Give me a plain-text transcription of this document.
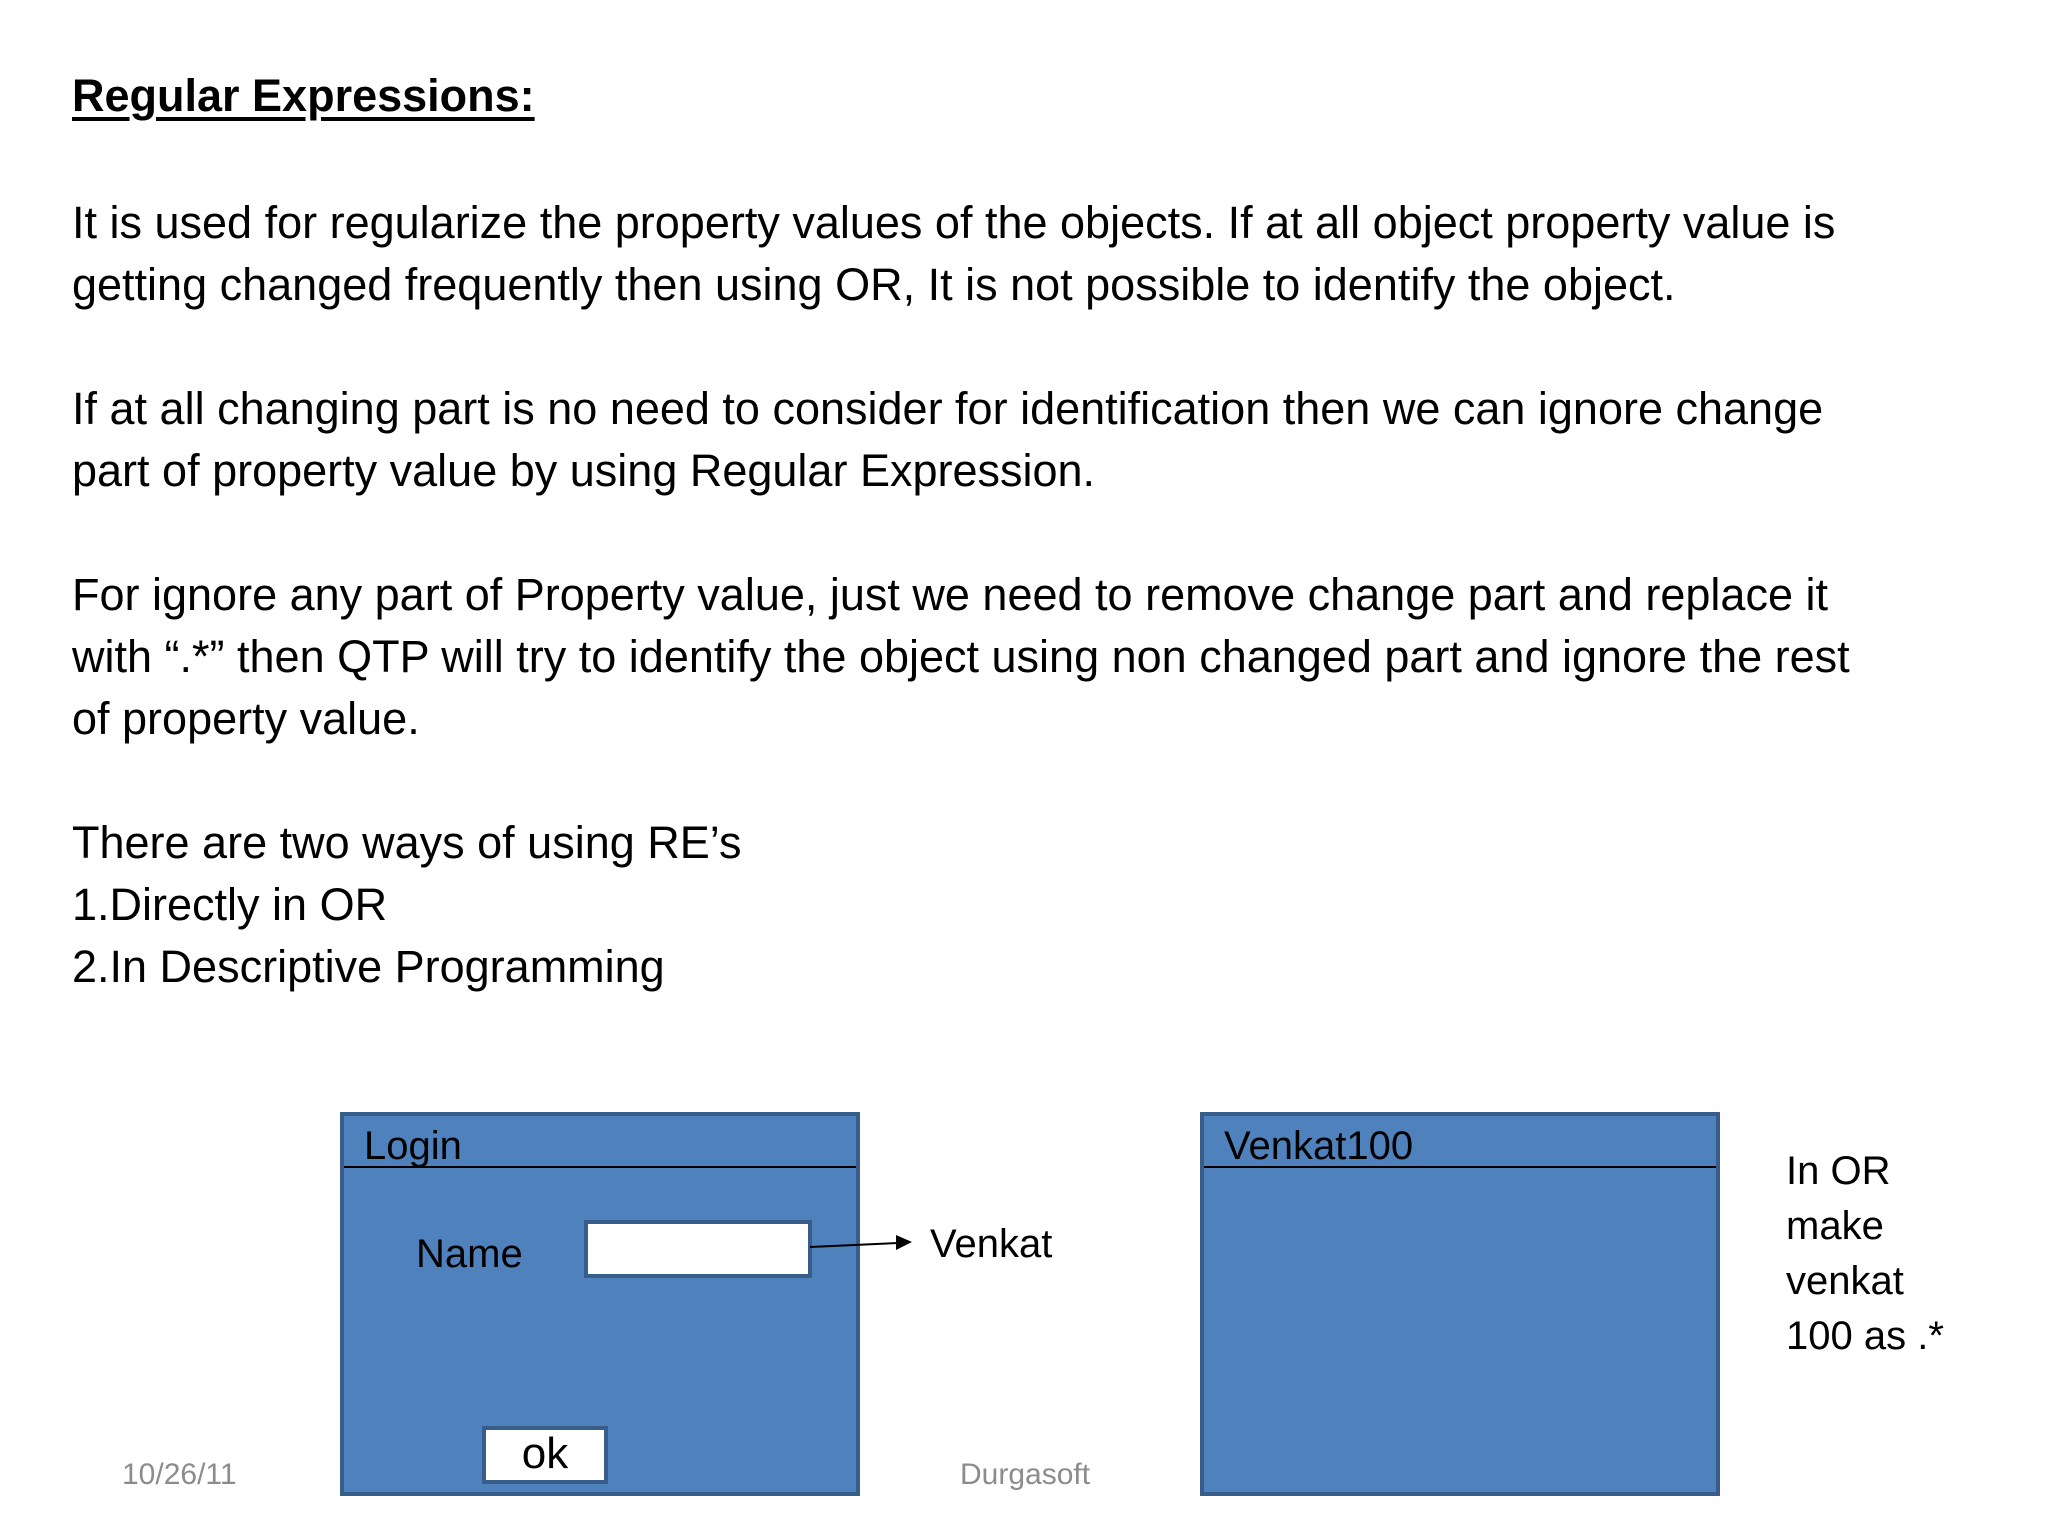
Regular Expressions:
It is used for regularize the property values of the objects. If at all object property value is
getting changed frequently then using OR, It is not possible to identify the object.
If at all changing part is no need to consider for identification then we can ignore change
part of property value by using Regular Expression.
For ignore any part of Property value, just we need to remove change part and replace it
with “.*” then QTP will try to identify the object using non changed part and ignore the rest
of property value.
There are two ways of using RE’s
1.Directly in OR
2.In Descriptive Programming
Login
Name
ok
Venkat
Venkat100
In OR
make
venkat
100 as .*
10/26/11	Durgasoft
